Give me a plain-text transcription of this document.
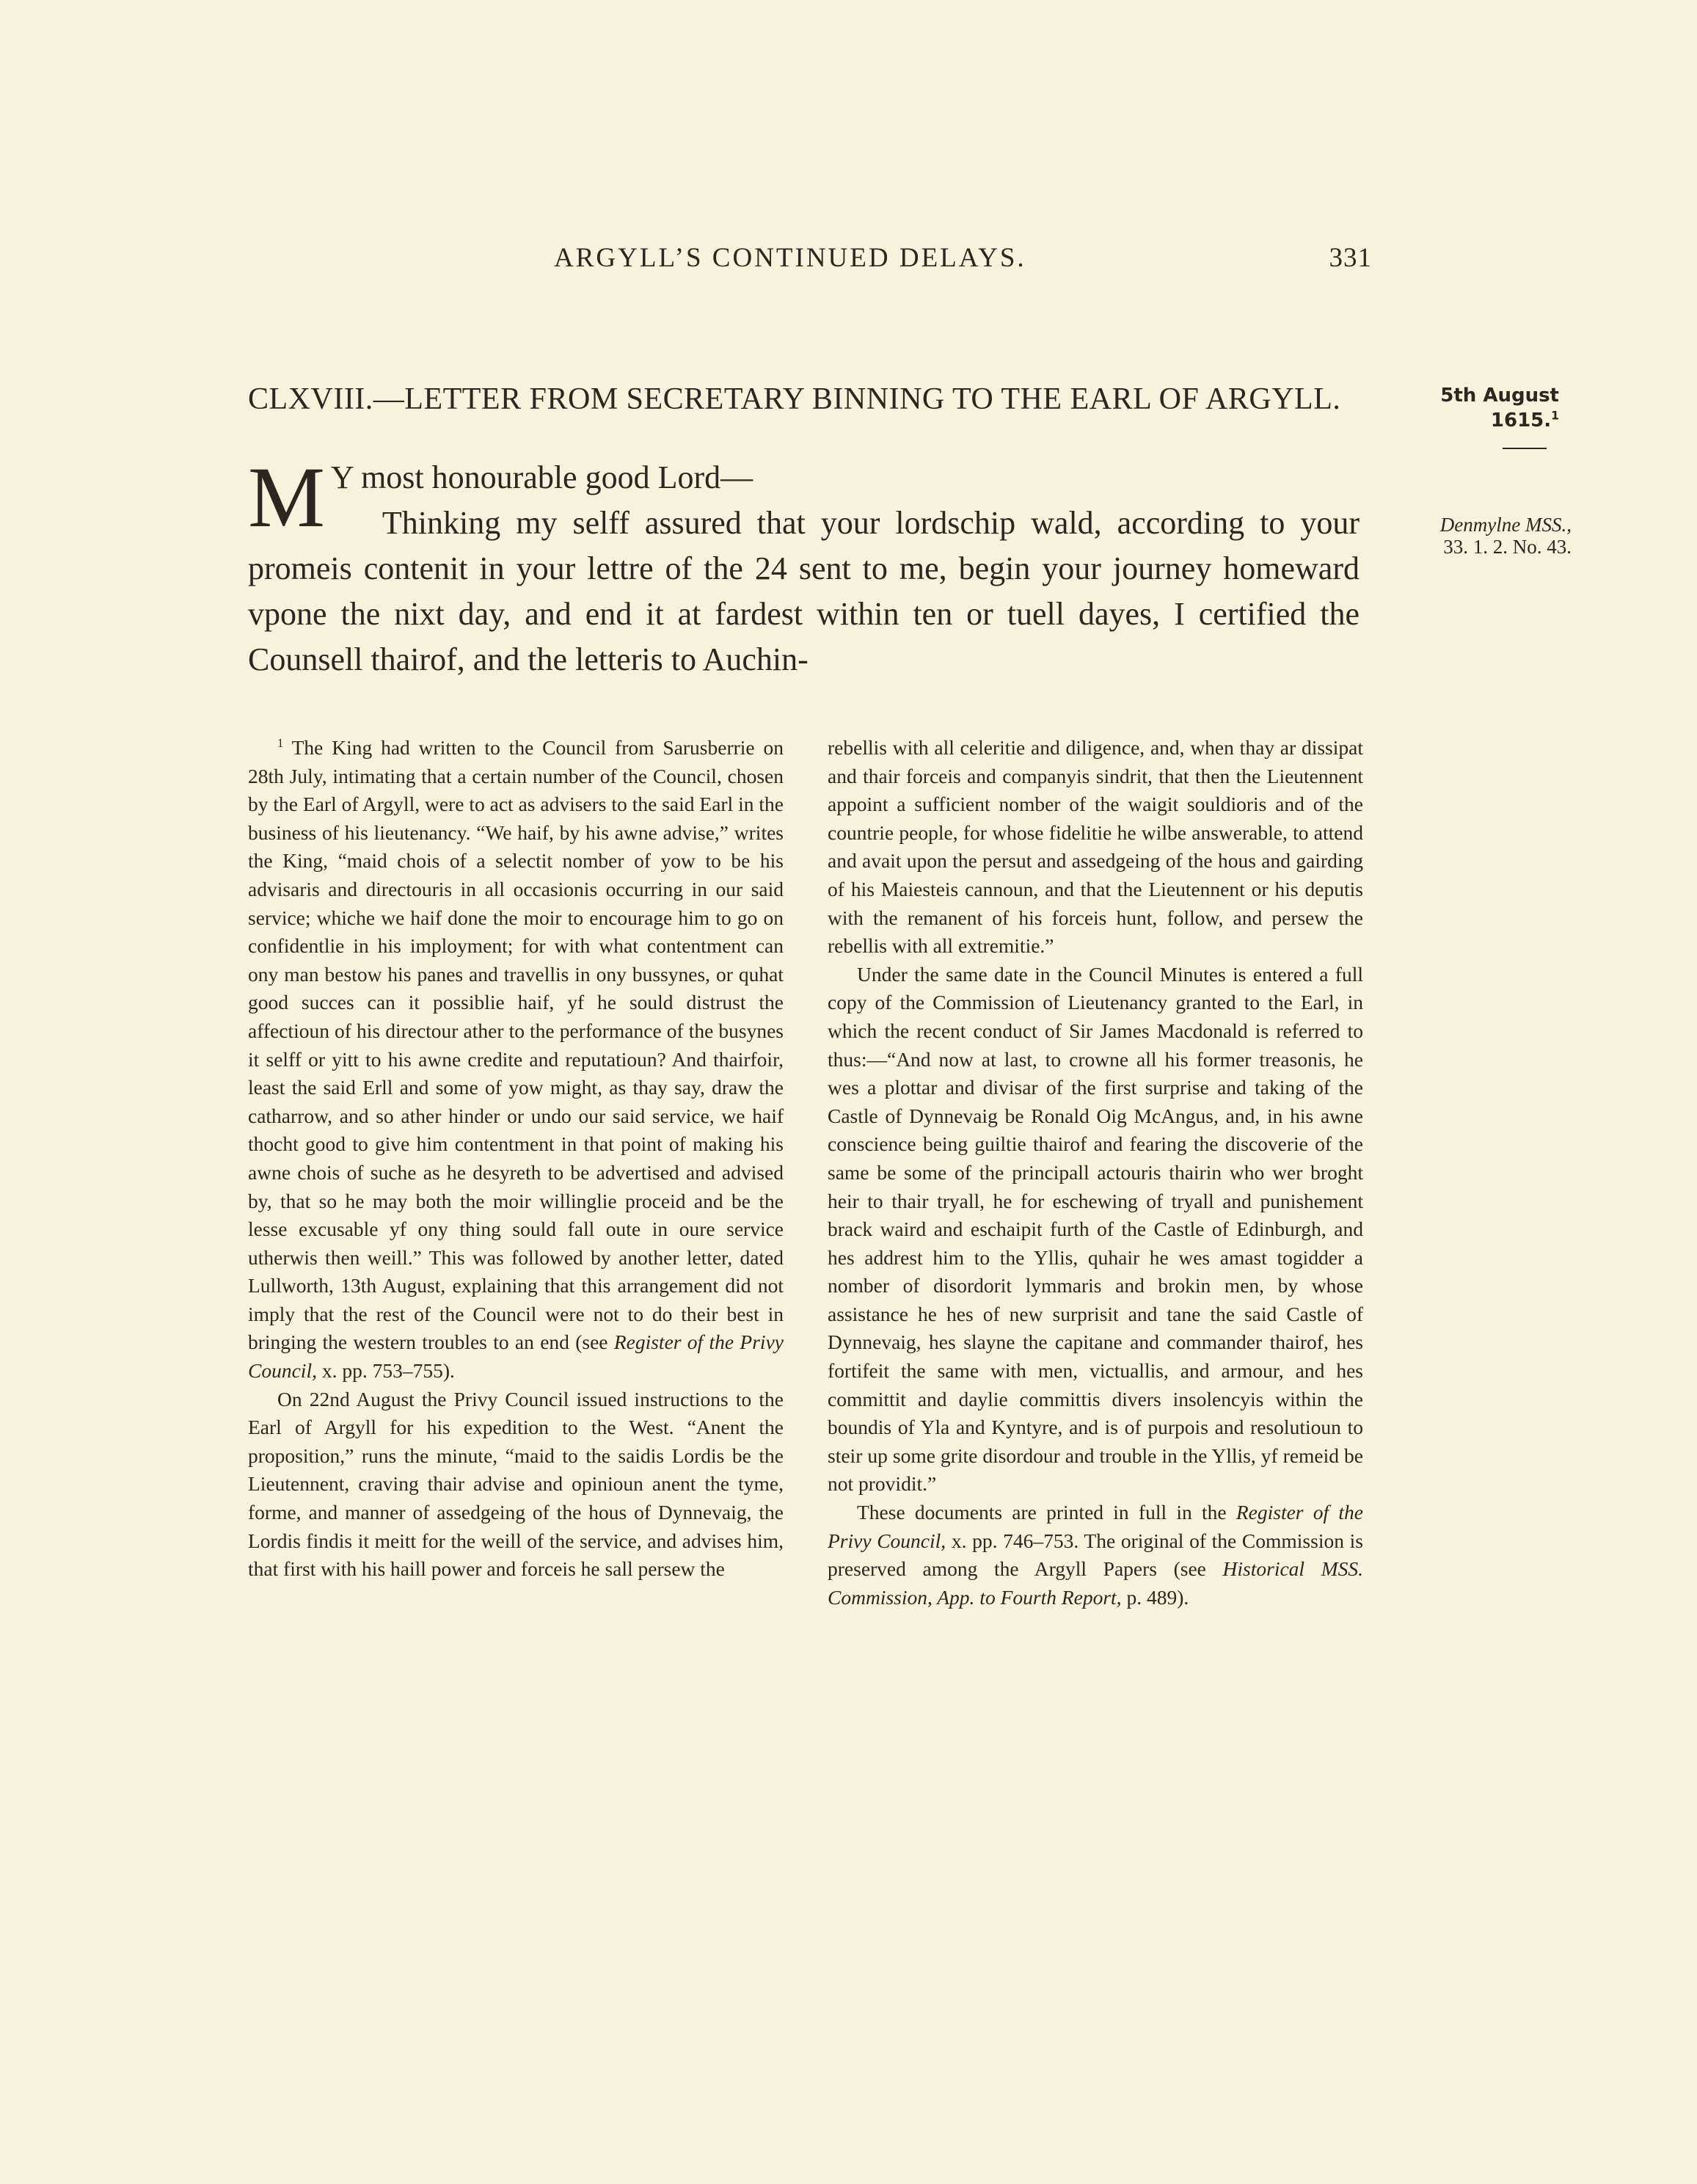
ARGYLL’S CONTINUED DELAYS.	331
CLXVIII.—LETTER FROM SECRETARY BINNING TO THE EARL OF ARGYLL.	5th August
1615.$^1$
Denmylne MSS.,
33. 1. 2. No. 43.
M Y most honourable good Lord—

Thinking my selff assured that your lordschip wald, according to your promeis contenit in your lettre of the 24 sent to me, begin your journey homeward vpone the nixt day, and end it at fardest within ten or tuell dayes, I certified the Counsell thairof, and the letteris to Auchin-

$^1$ The King had written to the Council from Sarusberrie on 28th July, intimating that a certain number of the Council, chosen by the Earl of Argyll, were to act as advisers to the said Earl in the business of his lieutenancy. “We haif, by his awne advise,” writes the King, “maid chois of a selectit nomber of yow to be his advisaris and directouris in all occasionis occurring in our said service; whiche we haif done the moir to encourage him to go on confidentlie in his imployment; for with what contentment can ony man bestow his panes and travellis in ony bussynes, or quhat good succes can it possiblie haif, yf he sould distrust the affectioun of his directour ather to the performance of the busynes it selff or yitt to his awne credite and reputatioun? And thairfoir, least the said Erll and some of yow might, as thay say, draw the catharrow, and so ather hinder or undo our said service, we haif thocht good to give him contentment in that point of making his awne chois of suche as he desyreth to be advertised and advised by, that so he may both the moir willinglie proceid and be the lesse excusable yf ony thing sould fall oute in oure service utherwis then weill.” This was followed by another letter, dated Lullworth, 13th August, explaining that this arrangement did not imply that the rest of the Council were not to do their best in bringing the western troubles to an end (see Register of the Privy Council, x. pp. 753–755).

On 22nd August the Privy Council issued instructions to the Earl of Argyll for his expedition to the West. “Anent the proposition,” runs the minute, “maid to the saidis Lordis be the Lieutennent, craving thair advise and opinioun anent the tyme, forme, and manner of assedgeing of the hous of Dynnevaig, the Lordis findis it meitt for the weill of the service, and advises him, that first with his haill power and forceis he sall persew the

rebellis with all celeritie and diligence, and, when thay ar dissipat and thair forceis and companyis sindrit, that then the Lieutennent appoint a sufficient nomber of the waigit souldioris and of the countrie people, for whose fidelitie he wilbe answerable, to attend and avait upon the persut and assedgeing of the hous and gairding of his Maiesteis cannoun, and that the Lieutennent or his deputis with the remanent of his forceis hunt, follow, and persew the rebellis with all extremitie.”

Under the same date in the Council Minutes is entered a full copy of the Commission of Lieutenancy granted to the Earl, in which the recent conduct of Sir James Macdonald is referred to thus:—“And now at last, to crowne all his former treasonis, he wes a plottar and divisar of the first surprise and taking of the Castle of Dynnevaig be Ronald Oig McAngus, and, in his awne conscience being guiltie thairof and fearing the discoverie of the same be some of the principall actouris thairin who wer broght heir to thair tryall, he for eschewing of tryall and punishement brack waird and eschaipit furth of the Castle of Edinburgh, and hes addrest him to the Yllis, quhair he wes amast togidder a nomber of disordorit lymmaris and brokin men, by whose assistance he hes of new surprisit and tane the said Castle of Dynnevaig, hes slayne the capitane and commander thairof, hes fortifeit the same with men, victuallis, and armour, and hes committit and daylie committis divers insolencyis within the boundis of Yla and Kyntyre, and is of purpois and resolutioun to steir up some grite disordour and trouble in the Yllis, yf remeid be not providit.”

These documents are printed in full in the Register of the Privy Council, x. pp. 746–753. The original of the Commission is preserved among the Argyll Papers (see Historical MSS. Commission, App. to Fourth Report, p. 489).
